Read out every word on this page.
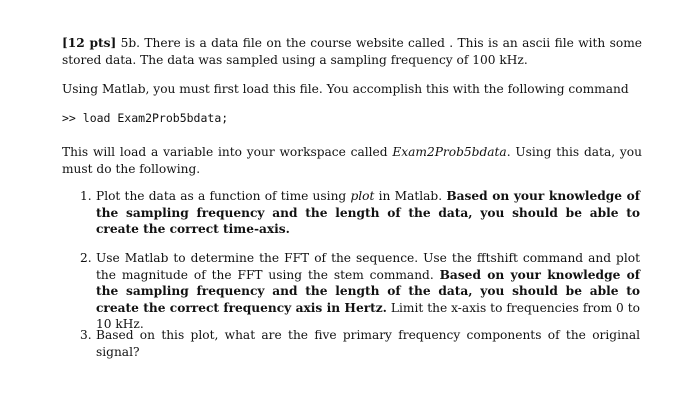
[12 pts] 5b. There is a data file on the course website called . This is an ascii file with some stored data. The data was sampled using a sampling frequency of 100 kHz.

Using Matlab, you must first load this file. You accomplish this with the following command

>> load Exam2Prob5bdata;

This will load a variable into your workspace called Exam2Prob5bdata. Using this data, you must do the following.

1. Plot the data as a function of time using plot in Matlab. Based on your knowledge of the sampling frequency and the length of the data, you should be able to create the correct time-axis.
2. Use Matlab to determine the FFT of the sequence. Use the fftshift command and plot the magnitude of the FFT using the stem command. Based on your knowledge of the sampling frequency and the length of the data, you should be able to create the correct frequency axis in Hertz. Limit the x-axis to frequencies from 0 to 10 kHz.
3. Based on this plot, what are the five primary frequency components of the original signal?
